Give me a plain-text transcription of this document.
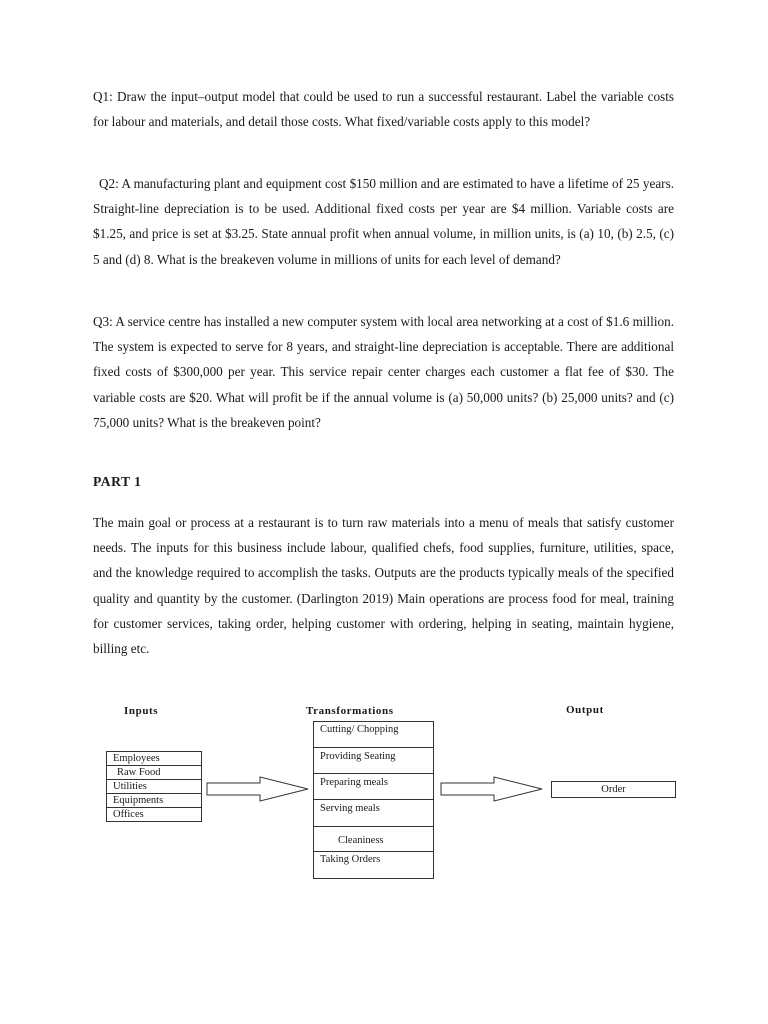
Q1: Draw the input–output model that could be used to run a successful restaurant. Label the variable costs for labour and materials, and detail those costs. What fixed/variable costs apply to this model?

Q2: A manufacturing plant and equipment cost $150 million and are estimated to have a lifetime of 25 years. Straight-line depreciation is to be used. Additional fixed costs per year are $4 million. Variable costs are $1.25, and price is set at $3.25. State annual profit when annual volume, in million units, is (a) 10, (b) 2.5, (c) 5 and (d) 8. What is the breakeven volume in millions of units for each level of demand?

Q3: A service centre has installed a new computer system with local area networking at a cost of $1.6 million. The system is expected to serve for 8 years, and straight-line depreciation is acceptable. There are additional fixed costs of $300,000 per year. This service repair center charges each customer a flat fee of $30. The variable costs are $20. What will profit be if the annual volume is (a) 50,000 units? (b) 25,000 units? and (c) 75,000 units? What is the breakeven point?

PART 1

The main goal or process at a restaurant is to turn raw materials into a menu of meals that satisfy customer needs. The inputs for this business include labour, qualified chefs, food supplies, furniture, utilities, space, and the knowledge required to accomplish the tasks. Outputs are the products typically meals of the specified quality and quantity by the customer. (Darlington 2019) Main operations are process food for meal, training for customer services, taking order, helping customer with ordering, helping in seating, maintain hygiene, billing etc.

Inputs	Transformations	Output

Employees
Raw Food
Utilities
Equipments
Offices
Cutting/ Chopping
Providing Seating
Preparing meals
Serving meals
Cleaniness
Taking Orders
Order
